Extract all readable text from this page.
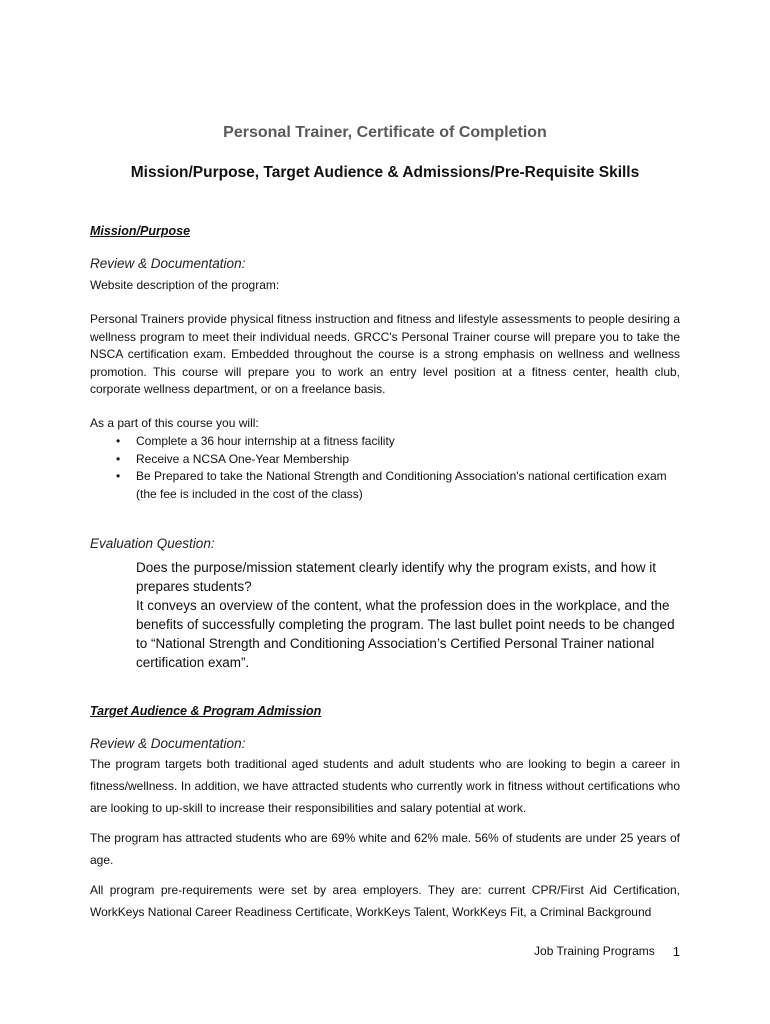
Personal Trainer, Certificate of Completion
Mission/Purpose, Target Audience & Admissions/Pre-Requisite Skills
Mission/Purpose
Review & Documentation:
Website description of the program:
Personal Trainers provide physical fitness instruction and fitness and lifestyle assessments to people desiring a wellness program to meet their individual needs. GRCC's Personal Trainer course will prepare you to take the NSCA certification exam. Embedded throughout the course is a strong emphasis on wellness and wellness promotion. This course will prepare you to work an entry level position at a fitness center, health club, corporate wellness department, or on a freelance basis.
As a part of this course you will:
• Complete a 36 hour internship at a fitness facility
• Receive a NCSA One-Year Membership
• Be Prepared to take the National Strength and Conditioning Association's national certification exam (the fee is included in the cost of the class)
Evaluation Question:
Does the purpose/mission statement clearly identify why the program exists, and how it prepares students?
It conveys an overview of the content, what the profession does in the workplace, and the benefits of successfully completing the program. The last bullet point needs to be changed to “National Strength and Conditioning Association’s Certified Personal Trainer national certification exam”.
Target Audience & Program Admission
Review & Documentation:
The program targets both traditional aged students and adult students who are looking to begin a career in fitness/wellness. In addition, we have attracted students who currently work in fitness without certifications who are looking to up-skill to increase their responsibilities and salary potential at work.
The program has attracted students who are 69% white and 62% male. 56% of students are under 25 years of age.
All program pre-requirements were set by area employers. They are: current CPR/First Aid Certification, WorkKeys National Career Readiness Certificate, WorkKeys Talent, WorkKeys Fit, a Criminal Background
Job Training Programs 1
